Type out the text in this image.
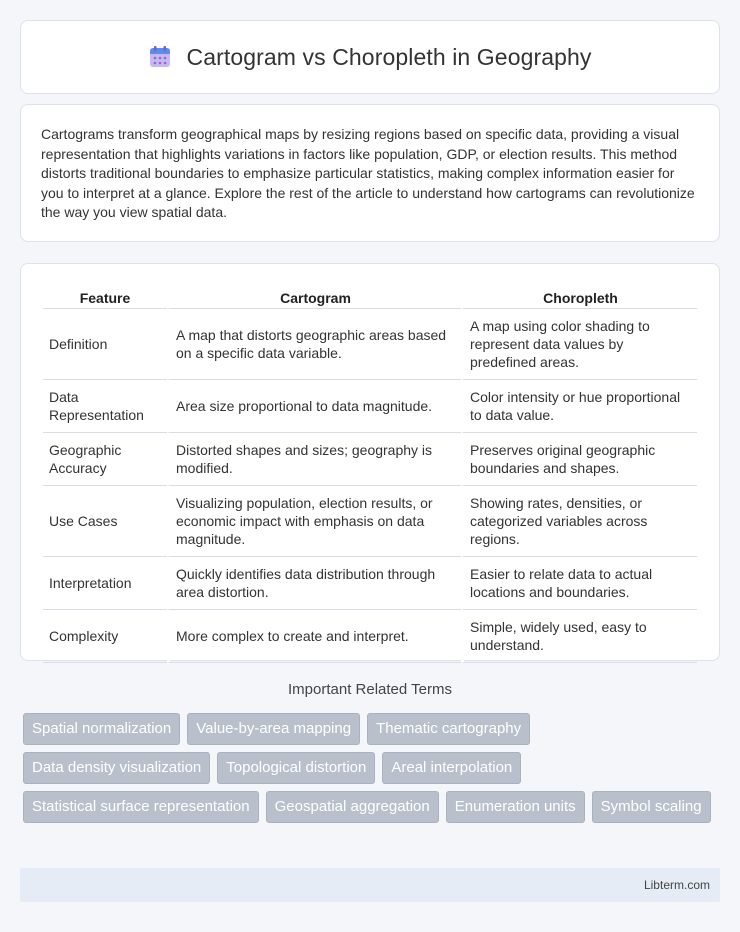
Cartogram vs Choropleth in Geography

Cartograms transform geographical maps by resizing regions based on specific data, providing a visual representation that highlights variations in factors like population, GDP, or election results. This method distorts traditional boundaries to emphasize particular statistics, making complex information easier for you to interpret at a glance. Explore the rest of the article to understand how cartograms can revolutionize the way you view spatial data.

Feature	Cartogram	Choropleth
Definition	A map that distorts geographic areas based on a specific data variable.	A map using color shading to represent data values by predefined areas.
Data Representation	Area size proportional to data magnitude.	Color intensity or hue proportional to data value.
Geographic Accuracy	Distorted shapes and sizes; geography is modified.	Preserves original geographic boundaries and shapes.
Use Cases	Visualizing population, election results, or economic impact with emphasis on data magnitude.	Showing rates, densities, or categorized variables across regions.
Interpretation	Quickly identifies data distribution through area distortion.	Easier to relate data to actual locations and boundaries.
Complexity	More complex to create and interpret.	Simple, widely used, easy to understand.
Important Related Terms
Spatial normalization	Value-by-area mapping	Thematic cartography
Data density visualization	Topological distortion	Areal interpolation
Statistical surface representation	Geospatial aggregation	Enumeration units	Symbol scaling
Libterm.com
